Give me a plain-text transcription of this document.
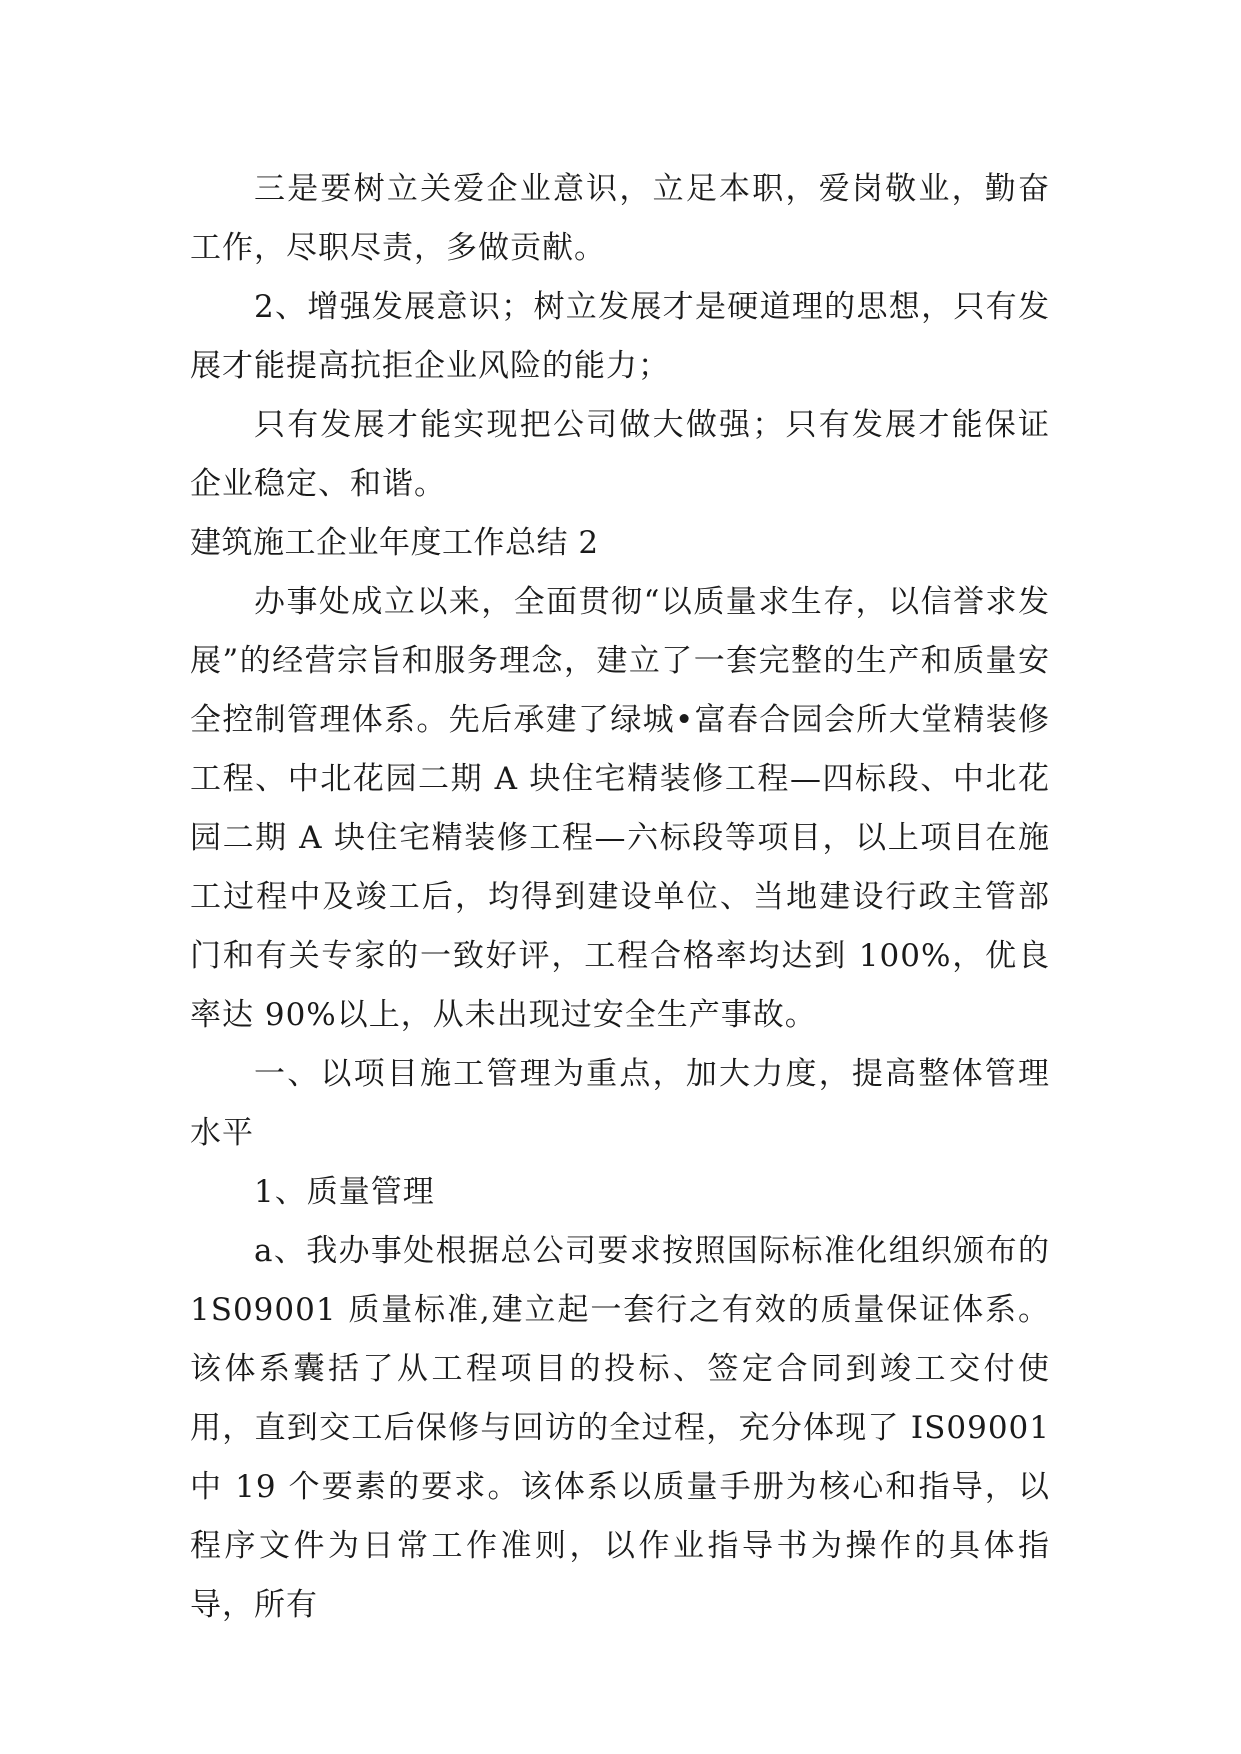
三是要树立关爱企业意识，立足本职，爱岗敬业，勤奋工作，尽职尽责，多做贡献。

2、增强发展意识；树立发展才是硬道理的思想，只有发展才能提高抗拒企业风险的能力；

只有发展才能实现把公司做大做强；只有发展才能保证企业稳定、和谐。

建筑施工企业年度工作总结 2

办事处成立以来，全面贯彻“以质量求生存，以信誉求发展”的经营宗旨和服务理念，建立了一套完整的生产和质量安全控制管理体系。先后承建了绿城•富春合园会所大堂精装修工程、中北花园二期 A 块住宅精装修工程—四标段、中北花园二期 A 块住宅精装修工程—六标段等项目，以上项目在施工过程中及竣工后，均得到建设单位、当地建设行政主管部门和有关专家的一致好评，工程合格率均达到 100%，优良率达 90%以上，从未出现过安全生产事故。

一、以项目施工管理为重点，加大力度，提高整体管理水平

1、质量管理

a、我办事处根据总公司要求按照国际标准化组织颁布的 1S09001 质量标准,建立起一套行之有效的质量保证体系。该体系囊括了从工程项目的投标、签定合同到竣工交付使用，直到交工后保修与回访的全过程，充分体现了 IS09001 中 19 个要素的要求。该体系以质量手册为核心和指导，以程序文件为日常工作准则，以作业指导书为操作的具体指导，所有
